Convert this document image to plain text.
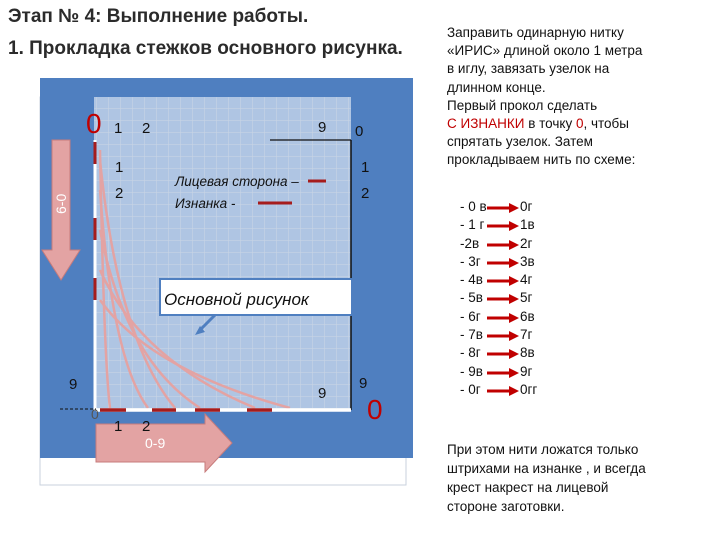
Этап № 4: Выполнение работы.
1. Прокладка стежков основного рисунка.
0 1 2	9 0
1
2
1
2
6-0
Лицевая сторона –
Изнанка -
Основной рисунок
9
0
1 2
9
9
0
0-9

Заправить одинарную нитку

«ИРИС» длиной около 1 метра

в иглу, завязать узелок на

длинном конце.

Первый прокол сделать

С ИЗНАНКИ в точку 0, чтобы

спрятать узелок. Затем

прокладываем нить по схеме:

- 0 в 0г
- 1 г	1в
-2в	2г
- 3г	3в
- 4в	4г
- 5в	5г
- 6г	6в
- 7в	7г
- 8г	8в
- 9в	9г
- 0г	0гг
При этом нити ложатся только
штрихами на изнанке , и всегда
крест накрест на лицевой
стороне заготовки.
